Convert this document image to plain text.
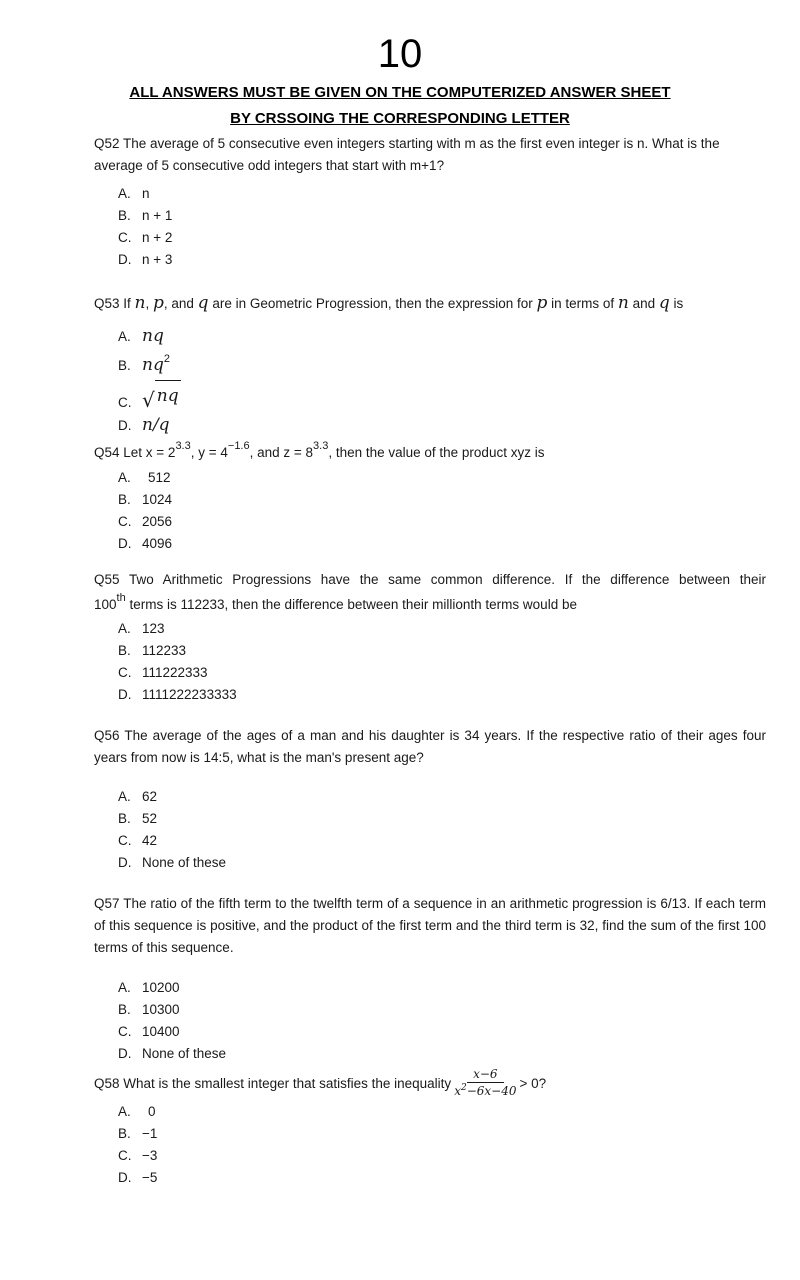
10
ALL ANSWERS MUST BE GIVEN ON THE COMPUTERIZED ANSWER SHEET
BY CRSSOING THE CORRESPONDING LETTER
Q52 The average of 5 consecutive even integers starting with m as the first even integer is n. What is the average of 5 consecutive odd integers that start with m+1?
A. n
B. n + 1
C. n + 2
D. n + 3
Q53 If n, p, and q are in Geometric Progression, then the expression for p in terms of n and q is
A. nq
B. $nq^2$
C. √ nq
D. n/q
Q54 Let $x = 2^{3.3}$, $y = 4^{-1.6}$, and $z = 8^{3.3}$, then the value of the product xyz is
A. 512
B. 1024
C. 2056
D. 4096
Q55 Two Arithmetic Progressions have the same common difference. If the difference between their
100th terms is 112233, then the difference between their millionth terms would be
A. 123
B. 112233
C. 111222333
D. 1111222233333
Q56 The average of the ages of a man and his daughter is 34 years. If the respective ratio of their ages four years from now is 14:5, what is the man's present age?
A. 62
B. 52
C. 42
D. None of these
Q57 The ratio of the fifth term to the twelfth term of a sequence in an arithmetic progression is 6/13. If each term of this sequence is positive, and the product of the first term and the third term is 32, find the sum of the first 100 terms of this sequence.
A. 10200
B. 10300
C. 10400
D. None of these
Q58 What is the smallest integer that satisfies the inequality $\frac{x-6}{x^2-6x-40} > 0$?
A. 0
B. −1
C. −3
D. −5
